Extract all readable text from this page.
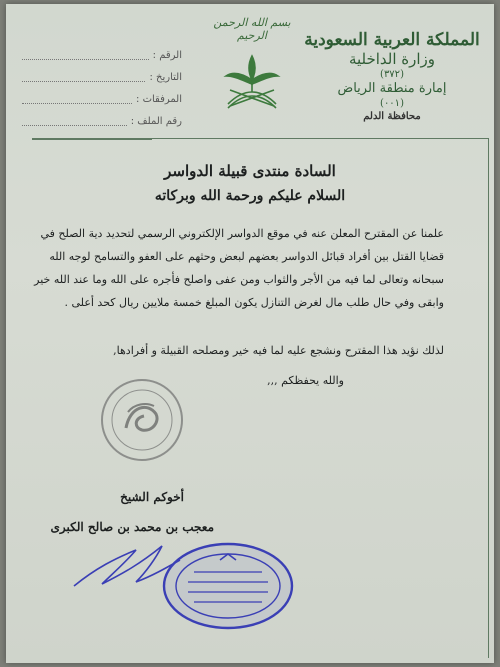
بسم الله الرحمن الرحيم	المملكة العربية السعودية
وزارة الداخلية
(٣٧٢)
إمارة منطقة الرياض
(٠٠١)
محافظة الدلم
الرقم :
التاريخ :
المرفقات :
رقم الملف :
السادة منتدى قبيلة الدواسر
السلام عليكم ورحمة الله وبركاته
علمنا عن المقترح المعلن عنه في موقع الدواسر الإلكتروني الرسمي لتحديد دية الصلح في
قضايا القتل بين أفراد قبائل الدواسر بعضهم لبعض وحثهم على العفو والتسامح لوجه الله
سبحانه وتعالى لما فيه من الأجر والثواب ومن عفى واصلح فأجره على الله وما عند الله خير
وابقى وفي حال طلب مال لغرض التنازل يكون المبلغ خمسة ملايين ريال كحد أعلى .
لذلك نؤيد هذا المقترح ونشجع عليه لما فيه خير ومصلحه القبيلة و أفرادها,
والله يحفظكم ,,,
أخوكم الشيخ
معجب بن محمد بن صالح الكبرى
